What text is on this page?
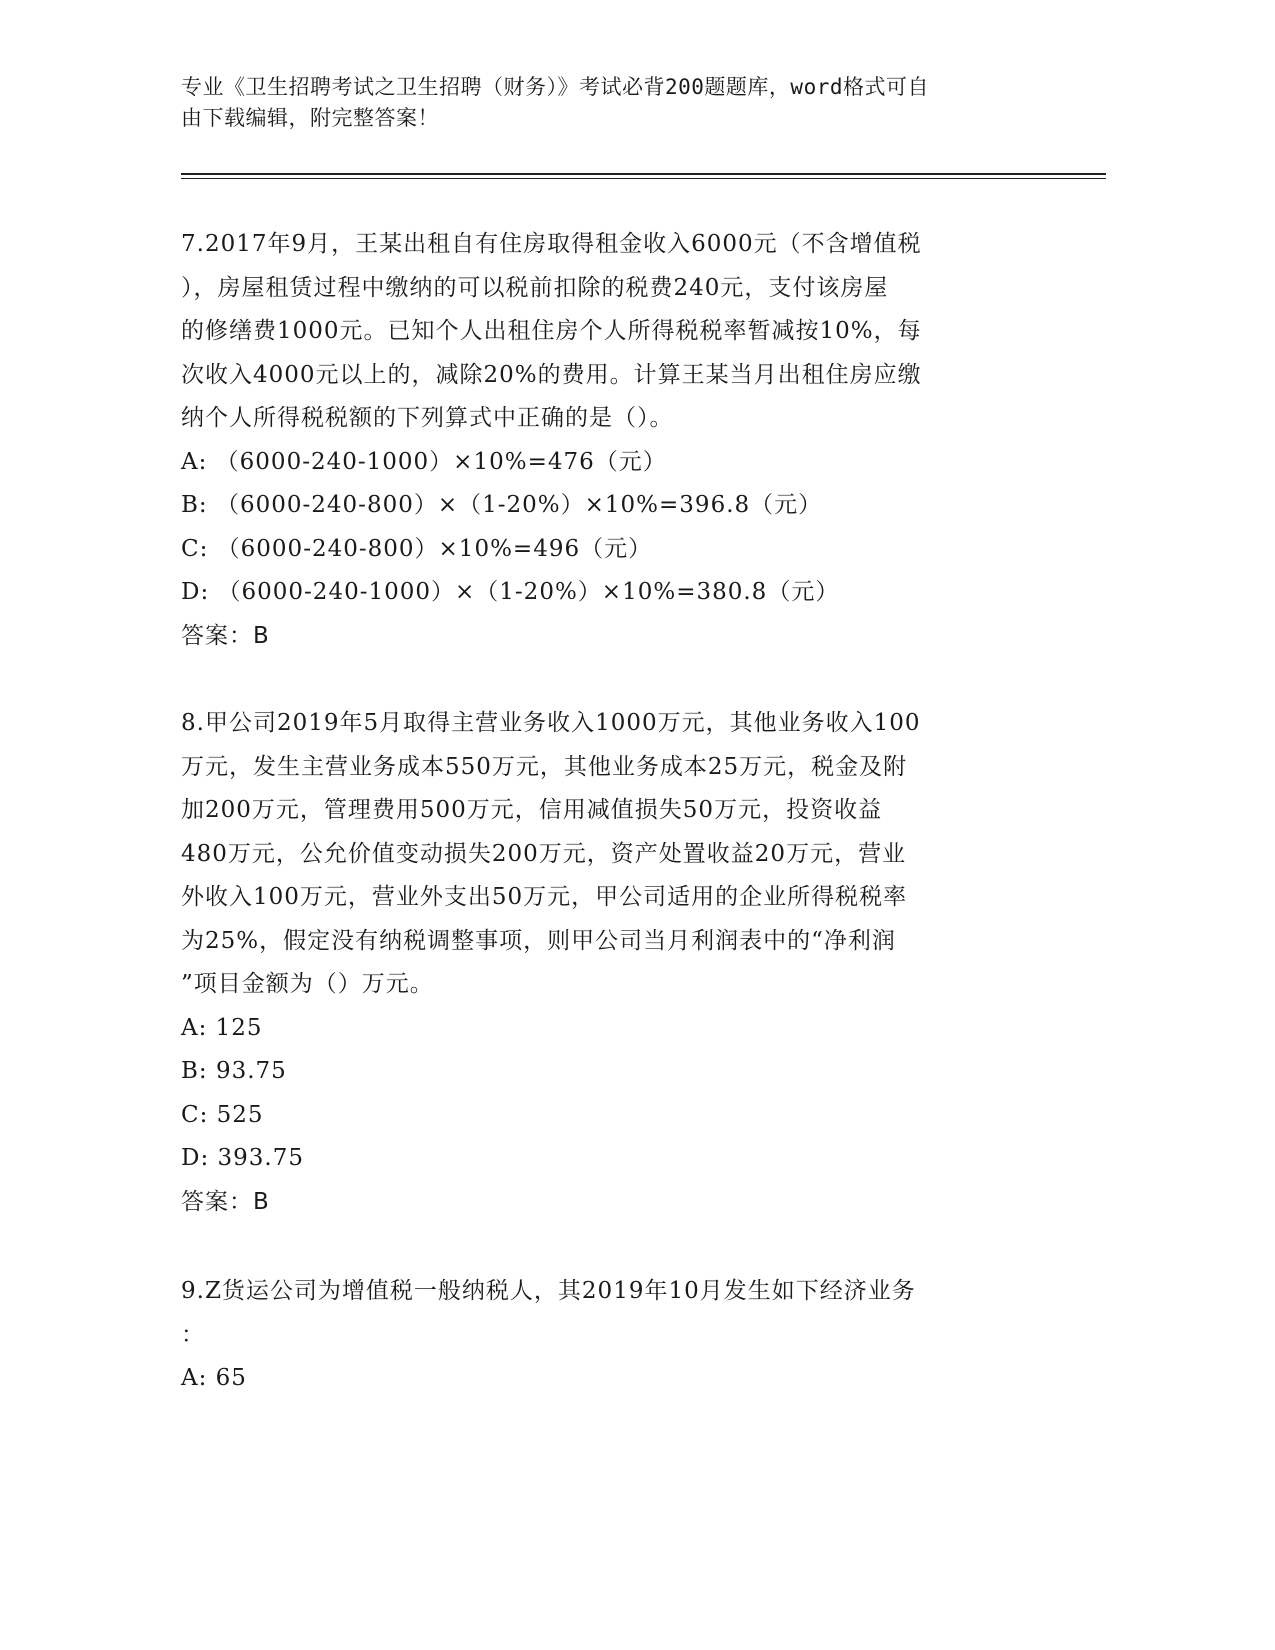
专业《卫生招聘考试之卫生招聘（财务）》考试必背200题题库，word格式可自
由下载编辑，附完整答案！
7.2017年9月，王某出租自有住房取得租金收入6000元（不含增值税
），房屋租赁过程中缴纳的可以税前扣除的税费240元，支付该房屋
的修缮费1000元。已知个人出租住房个人所得税税率暂减按10%，每
次收入4000元以上的，减除20%的费用。计算王某当月出租住房应缴
纳个人所得税税额的下列算式中正确的是（）。
A: （6000-240-1000）×10%=476（元）
B: （6000-240-800）×（1-20%）×10%=396.8（元）
C: （6000-240-800）×10%=496（元）
D: （6000-240-1000）×（1-20%）×10%=380.8（元）
答案：B
8.甲公司2019年5月取得主营业务收入1000万元，其他业务收入100
万元，发生主营业务成本550万元，其他业务成本25万元，税金及附
加200万元，管理费用500万元，信用减值损失50万元，投资收益
480万元，公允价值变动损失200万元，资产处置收益20万元，营业
外收入100万元，营业外支出50万元，甲公司适用的企业所得税税率
为25%，假定没有纳税调整事项，则甲公司当月利润表中的“净利润
”项目金额为（）万元。
A: 125
B: 93.75
C: 525
D: 393.75
答案：B
9.Z货运公司为增值税一般纳税人，其2019年10月发生如下经济业务
：
A: 65
